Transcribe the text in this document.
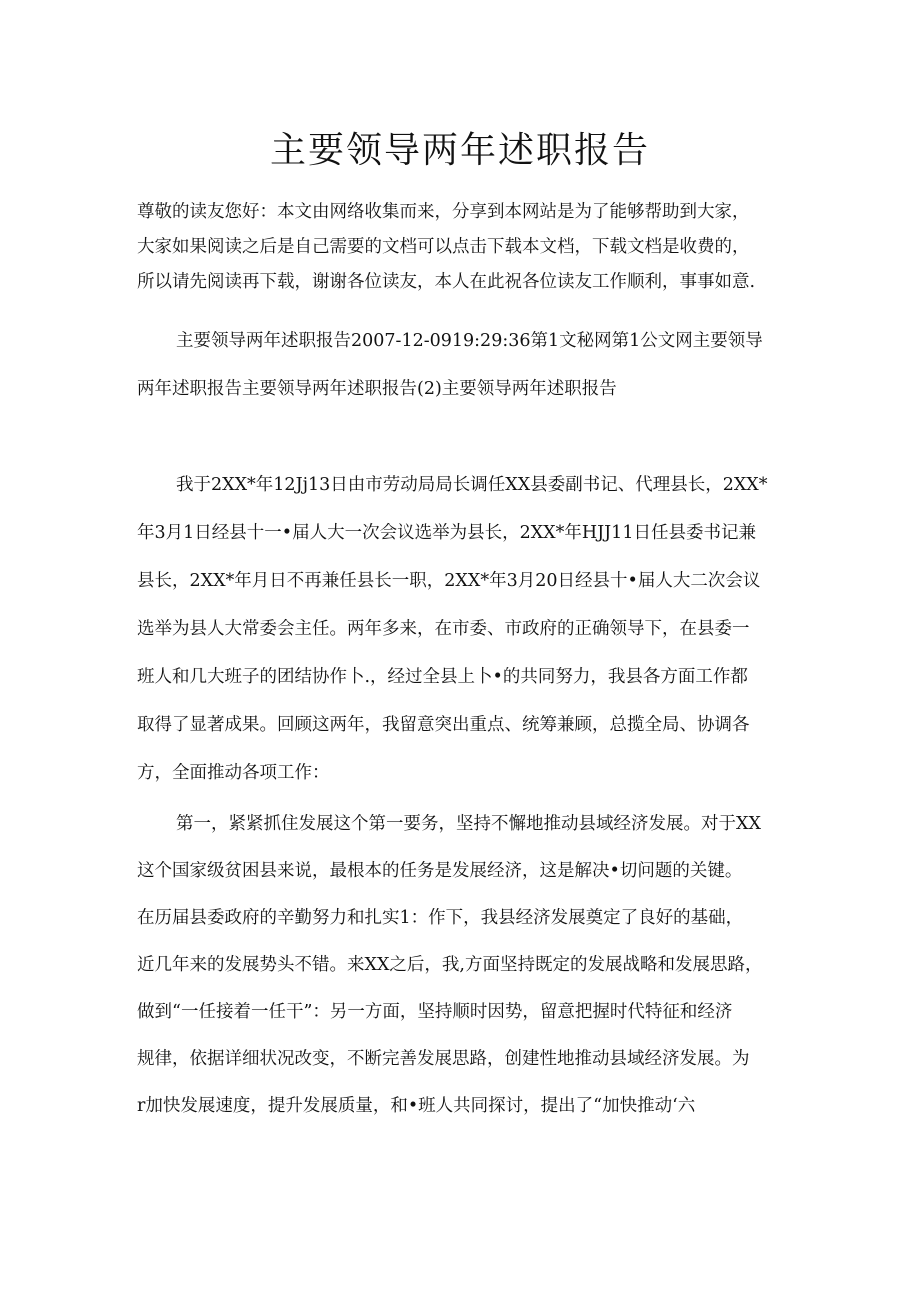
主要领导两年述职报告
尊敬的读友您好：本文由网络收集而来，分享到本网站是为了能够帮助到大家，
大家如果阅读之后是自己需要的文档可以点击下载本文档，下载文档是收费的，
所以请先阅读再下载，谢谢各位读友，本人在此祝各位读友工作顺利，事事如意.
主要领导两年述职报告2007-12-0919:29:36第1文秘网第1公文网主要领导
两年述职报告主要领导两年述职报告(2)主要领导两年述职报告
我于2XX*年12Jj13日由市劳动局局长调任XX县委副书记、代理县长，2XX*
年3月1日经县十一•届人大一次会议选举为县长，2XX*年HJJ11日任县委书记兼
县长，2XX*年月日不再兼任县长一职，2XX*年3月20日经县十•届人大二次会议
选举为县人大常委会主任。两年多来，在市委、市政府的正确领导下，在县委一
班人和几大班子的团结协作卜.，经过全县上卜•的共同努力，我县各方面工作都
取得了显著成果。回顾这两年，我留意突出重点、统筹兼顾，总揽全局、协调各
方，全面推动各项工作：
第一，紧紧抓住发展这个第一要务，坚持不懈地推动县域经济发展。对于XX
这个国家级贫困县来说，最根本的任务是发展经济，这是解决•切问题的关键。
在历届县委政府的辛勤努力和扎实1：作下，我县经济发展奠定了良好的基础，
近几年来的发展势头不错。来XX之后，我,方面坚持既定的发展战略和发展思路，
做到“一任接着一任干”：另一方面，坚持顺时因势，留意把握时代特征和经济
规律，依据详细状况改变，不断完善发展思路，创建性地推动县域经济发展。为
r加快发展速度，提升发展质量，和•班人共同探讨，提出了“加快推动‘六
